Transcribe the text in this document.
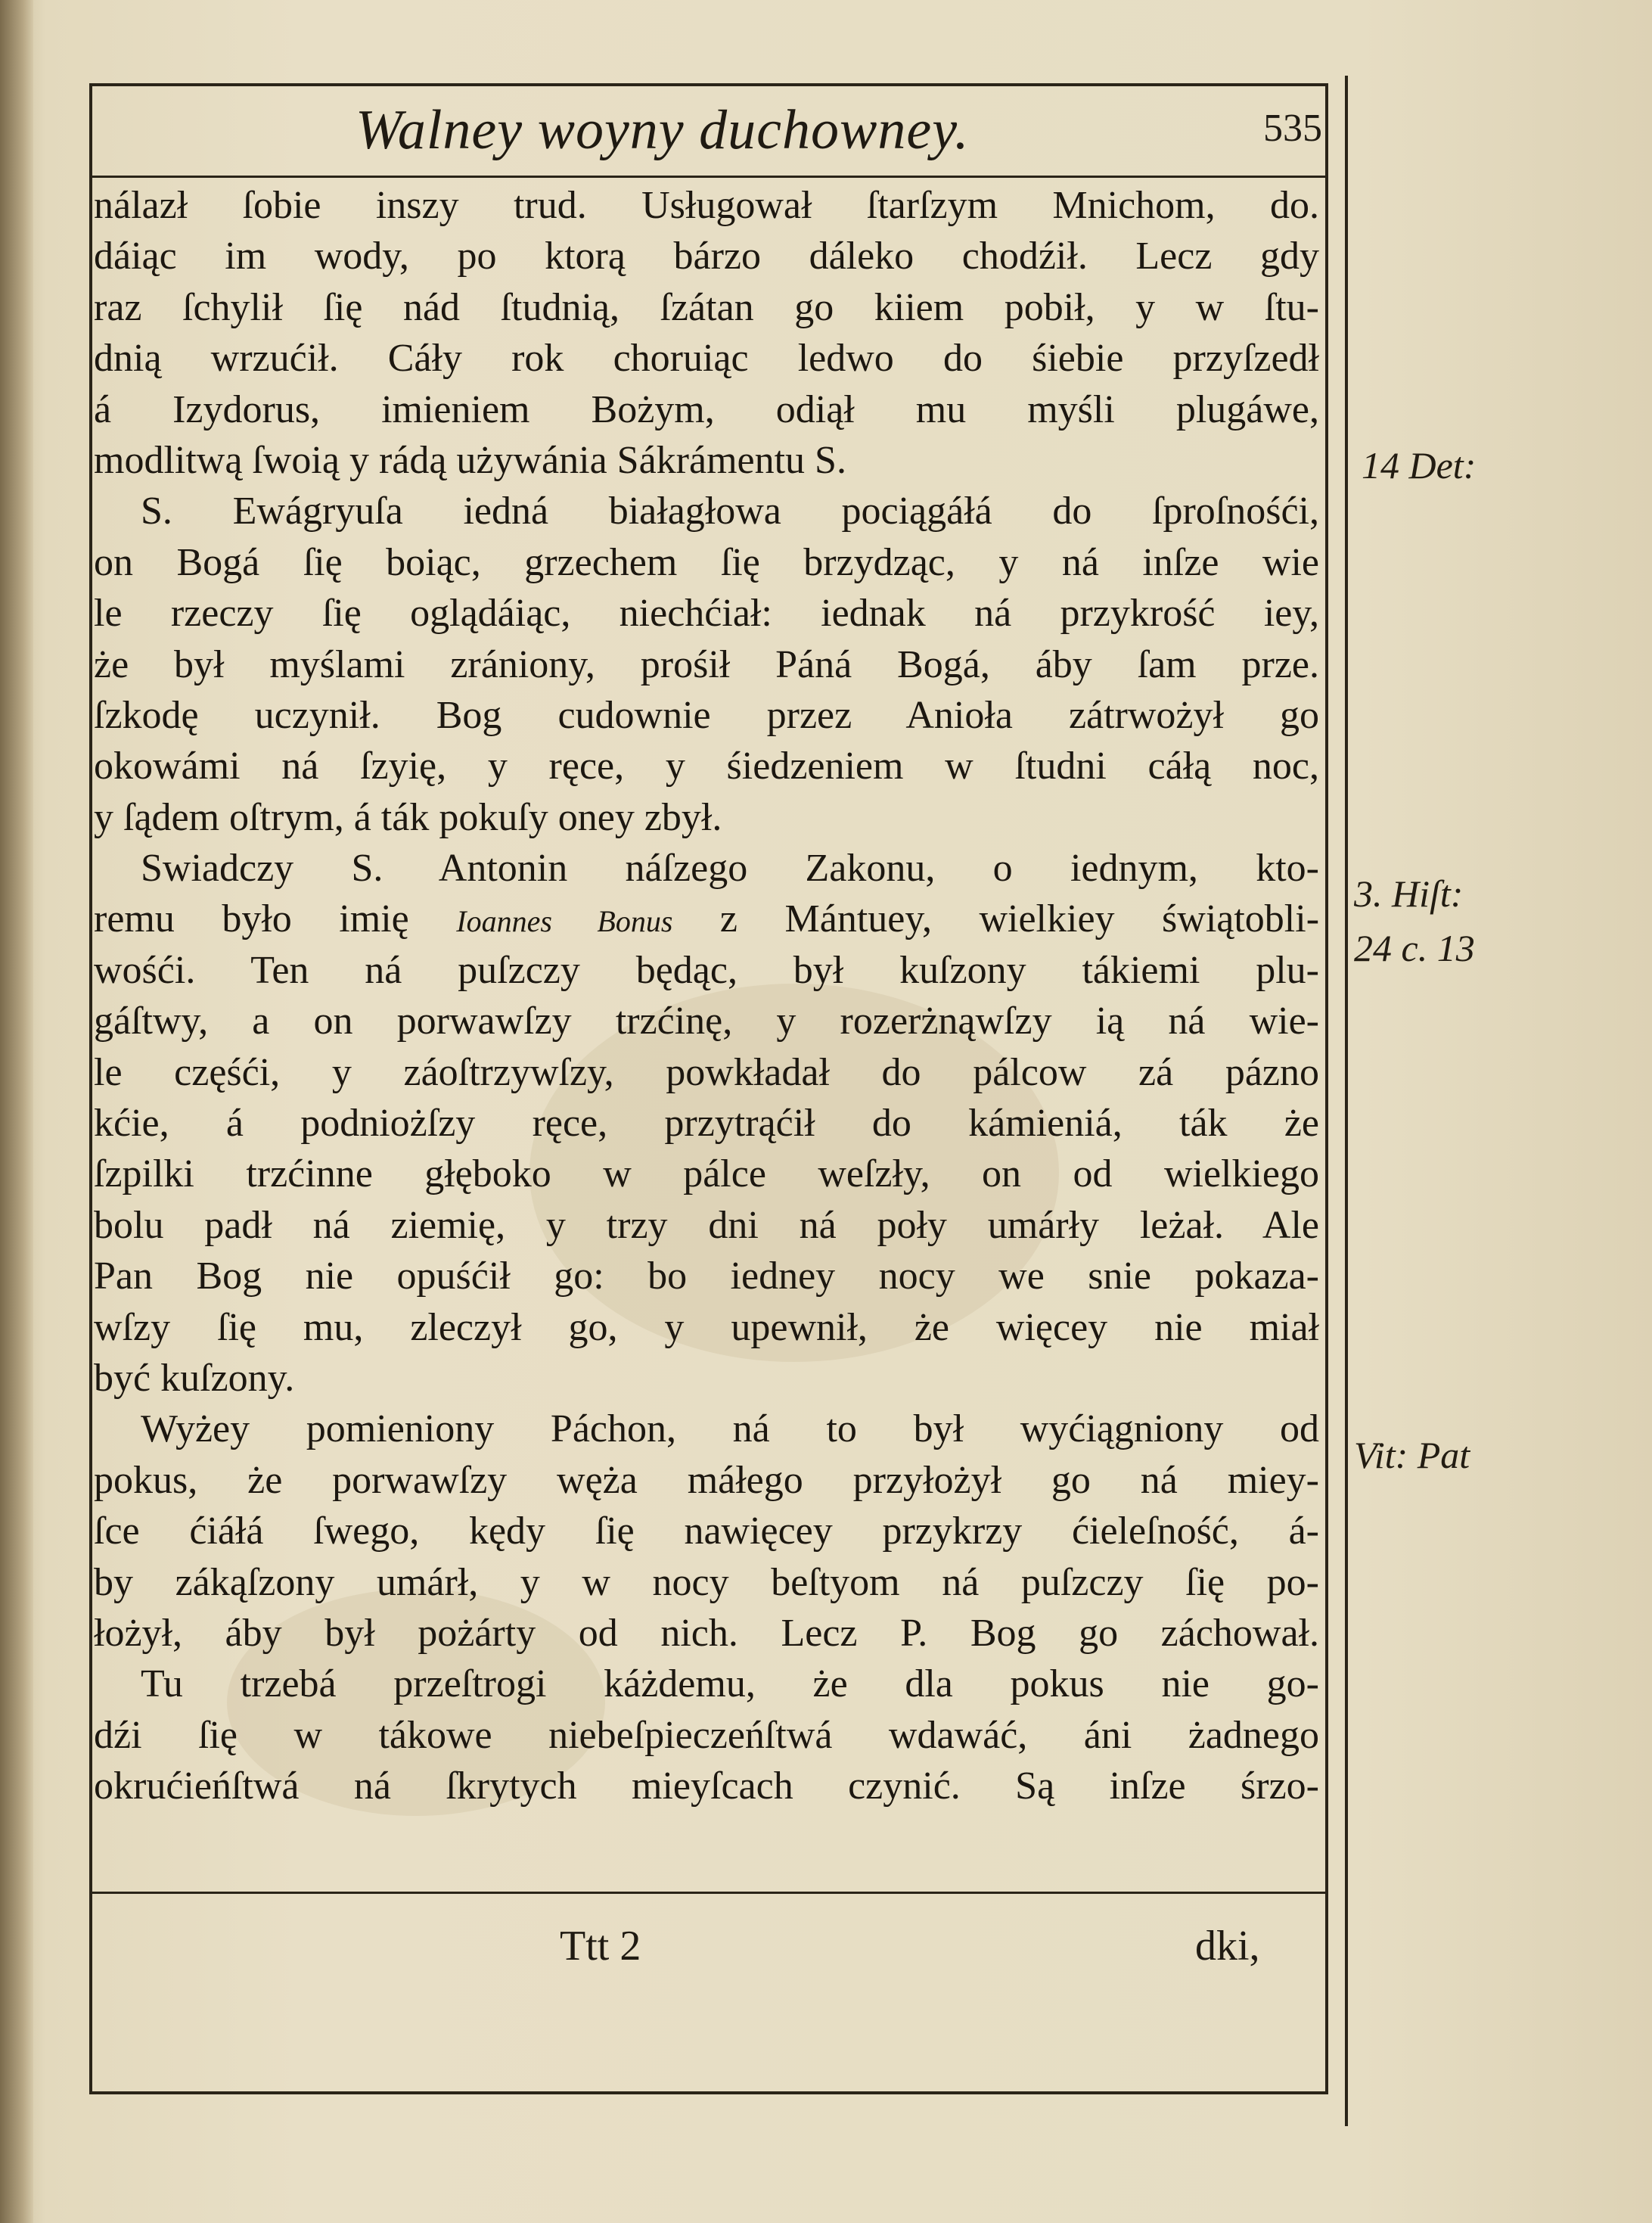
Walney woyny duchowney.	535
nálazł ſobie inszy trud. Usługował ſtarſzym Mnichom, do.
dáiąc im wody, po ktorą bárzo dáleko chodźił. Lecz gdy
raz ſchylił ſię nád ſtudnią, ſzátan go kiiem pobił, y w ſtu-
dnią wrzućił. Cáły rok choruiąc ledwo do śiebie przyſzedł
á Izydorus, imieniem Bożym, odiął mu myśli plugáwe,
modlitwą ſwoią y rádą używánia Sákrámentu S.
S. Ewágryuſa iedná białagłowa pociągáłá do ſproſnośći,
on Bogá ſię boiąc, grzechem ſię brzydząc, y ná inſze wie
le rzeczy ſię oglądáiąc, niechćiał: iednak ná przykrość iey,
że był myślami zrániony, prośił Páná Bogá, áby ſam prze.
ſzkodę uczynił. Bog cudownie przez Anioła zátrwożył go
okowámi ná ſzyię, y ręce, y śiedzeniem w ſtudni cáłą noc,
y ſądem oſtrym, á ták pokuſy oney zbył.
Swiadczy S. Antonin náſzego Zakonu, o iednym, kto-
remu było imię Ioannes Bonus z Mántuey, wielkiey świątobli-
wośći. Ten ná puſzczy będąc, był kuſzony tákiemi plu-
gáſtwy, a on porwawſzy trzćinę, y rozerżnąwſzy ią ná wie-
le częśći, y záoſtrzywſzy, powkładał do pálcow zá pázno
kćie, á podniożſzy ręce, przytrąćił do kámieniá, ták że
ſzpilki trzćinne głęboko w pálce weſzły, on od wielkiego
bolu padł ná ziemię, y trzy dni ná poły umárły leżał. Ale
Pan Bog nie opuśćił go: bo iedney nocy we snie pokaza-
wſzy ſię mu, zleczył go, y upewnił, że więcey nie miał
być kuſzony.
Wyżey pomieniony Páchon, ná to był wyćiągniony od
pokus, że porwawſzy węża máłego przyłożył go ná miey-
ſce ćiáłá ſwego, kędy ſię nawięcey przykrzy ćieleſność, á-
by zákąſzony umárł, y w nocy beſtyom ná puſzczy ſię po-
łożył, áby był pożárty od nich. Lecz P. Bog go záchował.
Tu trzebá przeſtrogi káżdemu, że dla pokus nie go-
dźi ſię w tákowe niebeſpieczeńſtwá wdawáć, áni żadnego
okrućieńſtwá ná ſkrytych mieyſcach czynić. Są inſze śrzo-
Ttt 2	dki,
14 Det:
3. Hiſt:
24 c. 13
Vit: Pat
